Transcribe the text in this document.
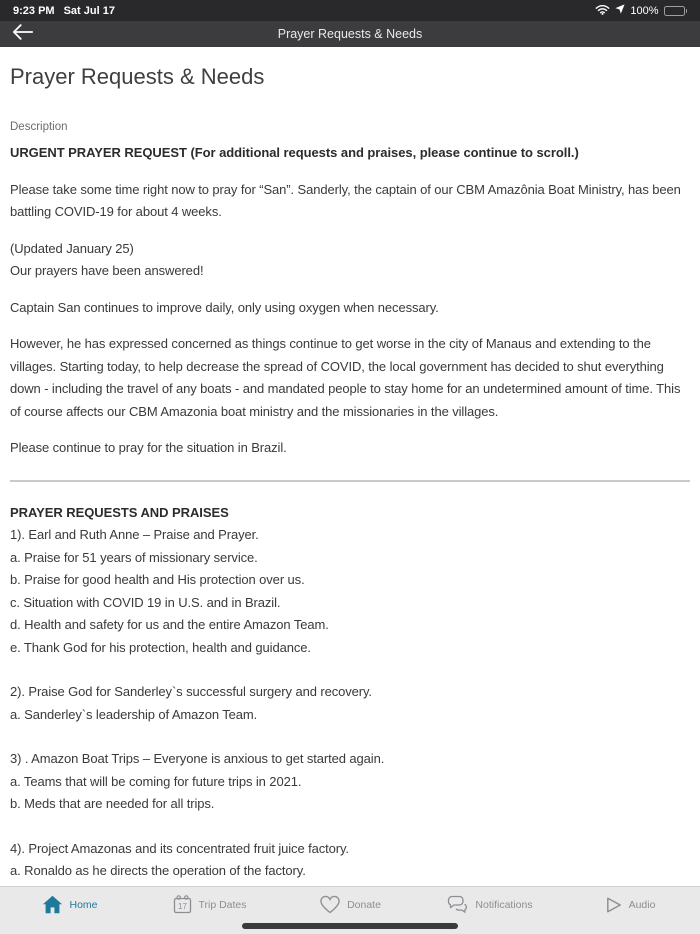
9:23 PM Sat Jul 17	100%
Prayer Requests & Needs
Prayer Requests & Needs
Description

URGENT PRAYER REQUEST (For additional requests and praises, please continue to scroll.)

Please take some time right now to pray for “San”. Sanderly, the captain of our CBM Amazônia Boat Ministry, has been battling COVID-19 for about 4 weeks.

(Updated January 25)

Our prayers have been answered!

Captain San continues to improve daily, only using oxygen when necessary.

However, he has expressed concerned as things continue to get worse in the city of Manaus and extending to the villages. Starting today, to help decrease the spread of COVID, the local government has decided to shut everything down - including the travel of any boats - and mandated people to stay home for an undetermined amount of time. This of course affects our CBM Amazonia boat ministry and the missionaries in the villages.

Please continue to pray for the situation in Brazil.

PRAYER REQUESTS AND PRAISES

1). Earl and Ruth Anne – Praise and Prayer.

a. Praise for 51 years of missionary service.

b. Praise for good health and His protection over us.

c. Situation with COVID 19 in U.S. and in Brazil.

d. Health and safety for us and the entire Amazon Team.

e. Thank God for his protection, health and guidance.

2). Praise God for Sanderley`s successful surgery and recovery.

a. Sanderley`s leadership of Amazon Team.

3) . Amazon Boat Trips – Everyone is anxious to get started again.

a. Teams that will be coming for future trips in 2021.

b. Meds that are needed for all trips.

4). Project Amazonas and its concentrated fruit juice factory.

a. Ronaldo as he directs the operation of the factory.

Home	17 Trip Dates	Donate	Notifications	Audio
